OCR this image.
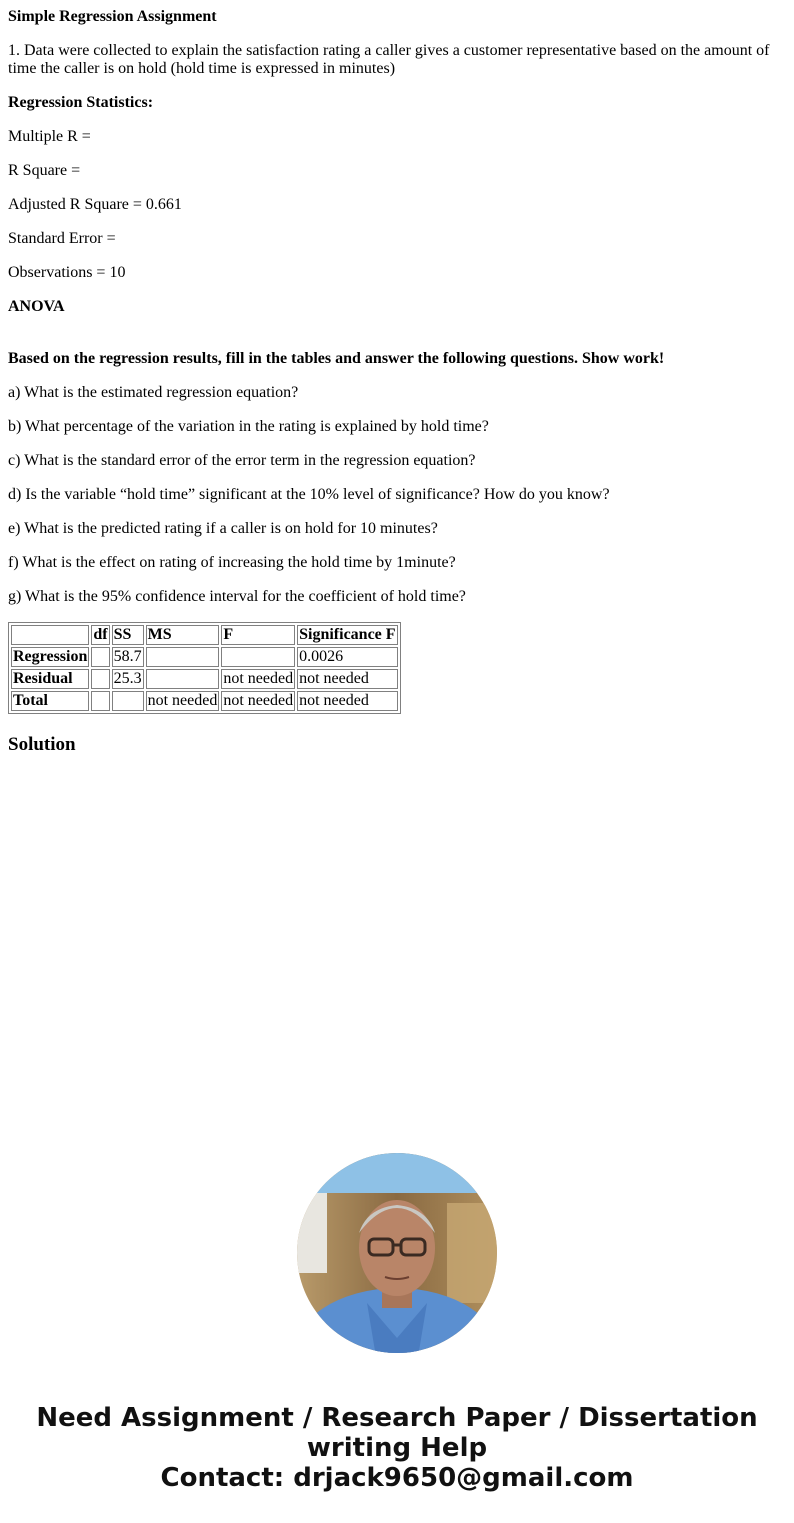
Simple Regression Assignment

1. Data were collected to explain the satisfaction rating a caller gives a customer representative based on the amount of time the caller is on hold (hold time is expressed in minutes)

Regression Statistics:

Multiple R =

R Square =

Adjusted R Square = 0.661

Standard Error =

Observations = 10

ANOVA

Based on the regression results, fill in the tables and answer the following questions. Show work!

a) What is the estimated regression equation?

b) What percentage of the variation in the rating is explained by hold time?

c) What is the standard error of the error term in the regression equation?

d) Is the variable “hold time” significant at the 10% level of significance? How do you know?

e) What is the predicted rating if a caller is on hold for 10 minutes?

f) What is the effect on rating of increasing the hold time by 1minute?

g) What is the 95% confidence interval for the coefficient of hold time?

	df	SS	MS	F	Significance F
Regression		58.7			0.0026
Residual		25.3		not needed	not needed
Total			not needed	not needed	not needed
Solution
Need Assignment / Research Paper / Dissertation
writing Help
Contact: drjack9650@gmail.com
